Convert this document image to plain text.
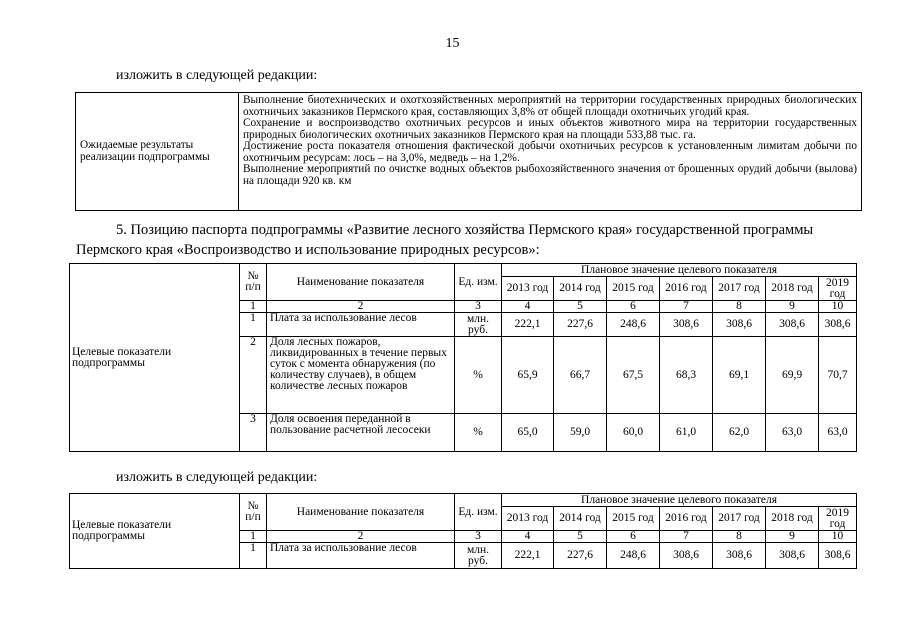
15
изложить в следующей редакции:
Ожидаемые результаты реализации подпрограммы	
Выполнение биотехнических и охотхозяйственных мероприятий на территории государственных природных биологических охотничьих заказников Пермского края, составляющих 3,8% от общей площади охотничьих угодий края.
Сохранение и воспроизводство охотничьих ресурсов и иных объектов животного мира на территории государственных природных биологических охотничьих заказников Пермского края на площади 533,88 тыс. га.
Достижение роста показателя отношения фактической добычи охотничьих ресурсов к установленным лимитам добычи по охотничьим ресурсам: лось – на 3,0%, медведь – на 1,2%.
Выполнение мероприятий по очистке водных объектов рыбохозяйственного значения от брошенных орудий добычи (вылова) на площади 920 кв. км
5. Позицию паспорта подпрограммы «Развитие лесного хозяйства Пермского края» государственной программы
Пермского края «Воспроизводство и использование природных ресурсов»:
Целевые показатели подпрограммы	№ п/п	Наименование показателя	Ед. изм.	Плановое значение целевого показателя						
				2013 год	2014 год	2015 год	2016 год	2017 год	2018 год	2019 год
	1	2	3	4	5	6	7	8	9	10
	1	Плата за использование лесов	млн. руб.	222,1	227,6	248,6	308,6	308,6	308,6	308,6
	2	Доля лесных пожаров, ликвидированных в течение первых суток с момента обнаружения (по количеству случаев), в общем количестве лесных пожаров	%	65,9	66,7	67,5	68,3	69,1	69,9	70,7
	3	Доля освоения переданной в пользование расчетной лесосеки	%	65,0	59,0	60,0	61,0	62,0	63,0	63,0
изложить в следующей редакции:
Целевые показатели подпрограммы	№ п/п	Наименование показателя	Ед. изм.	Плановое значение целевого показателя						
				2013 год	2014 год	2015 год	2016 год	2017 год	2018 год	2019 год
	1	2	3	4	5	6	7	8	9	10
	1	Плата за использование лесов	млн. руб.	222,1	227,6	248,6	308,6	308,6	308,6	308,6
